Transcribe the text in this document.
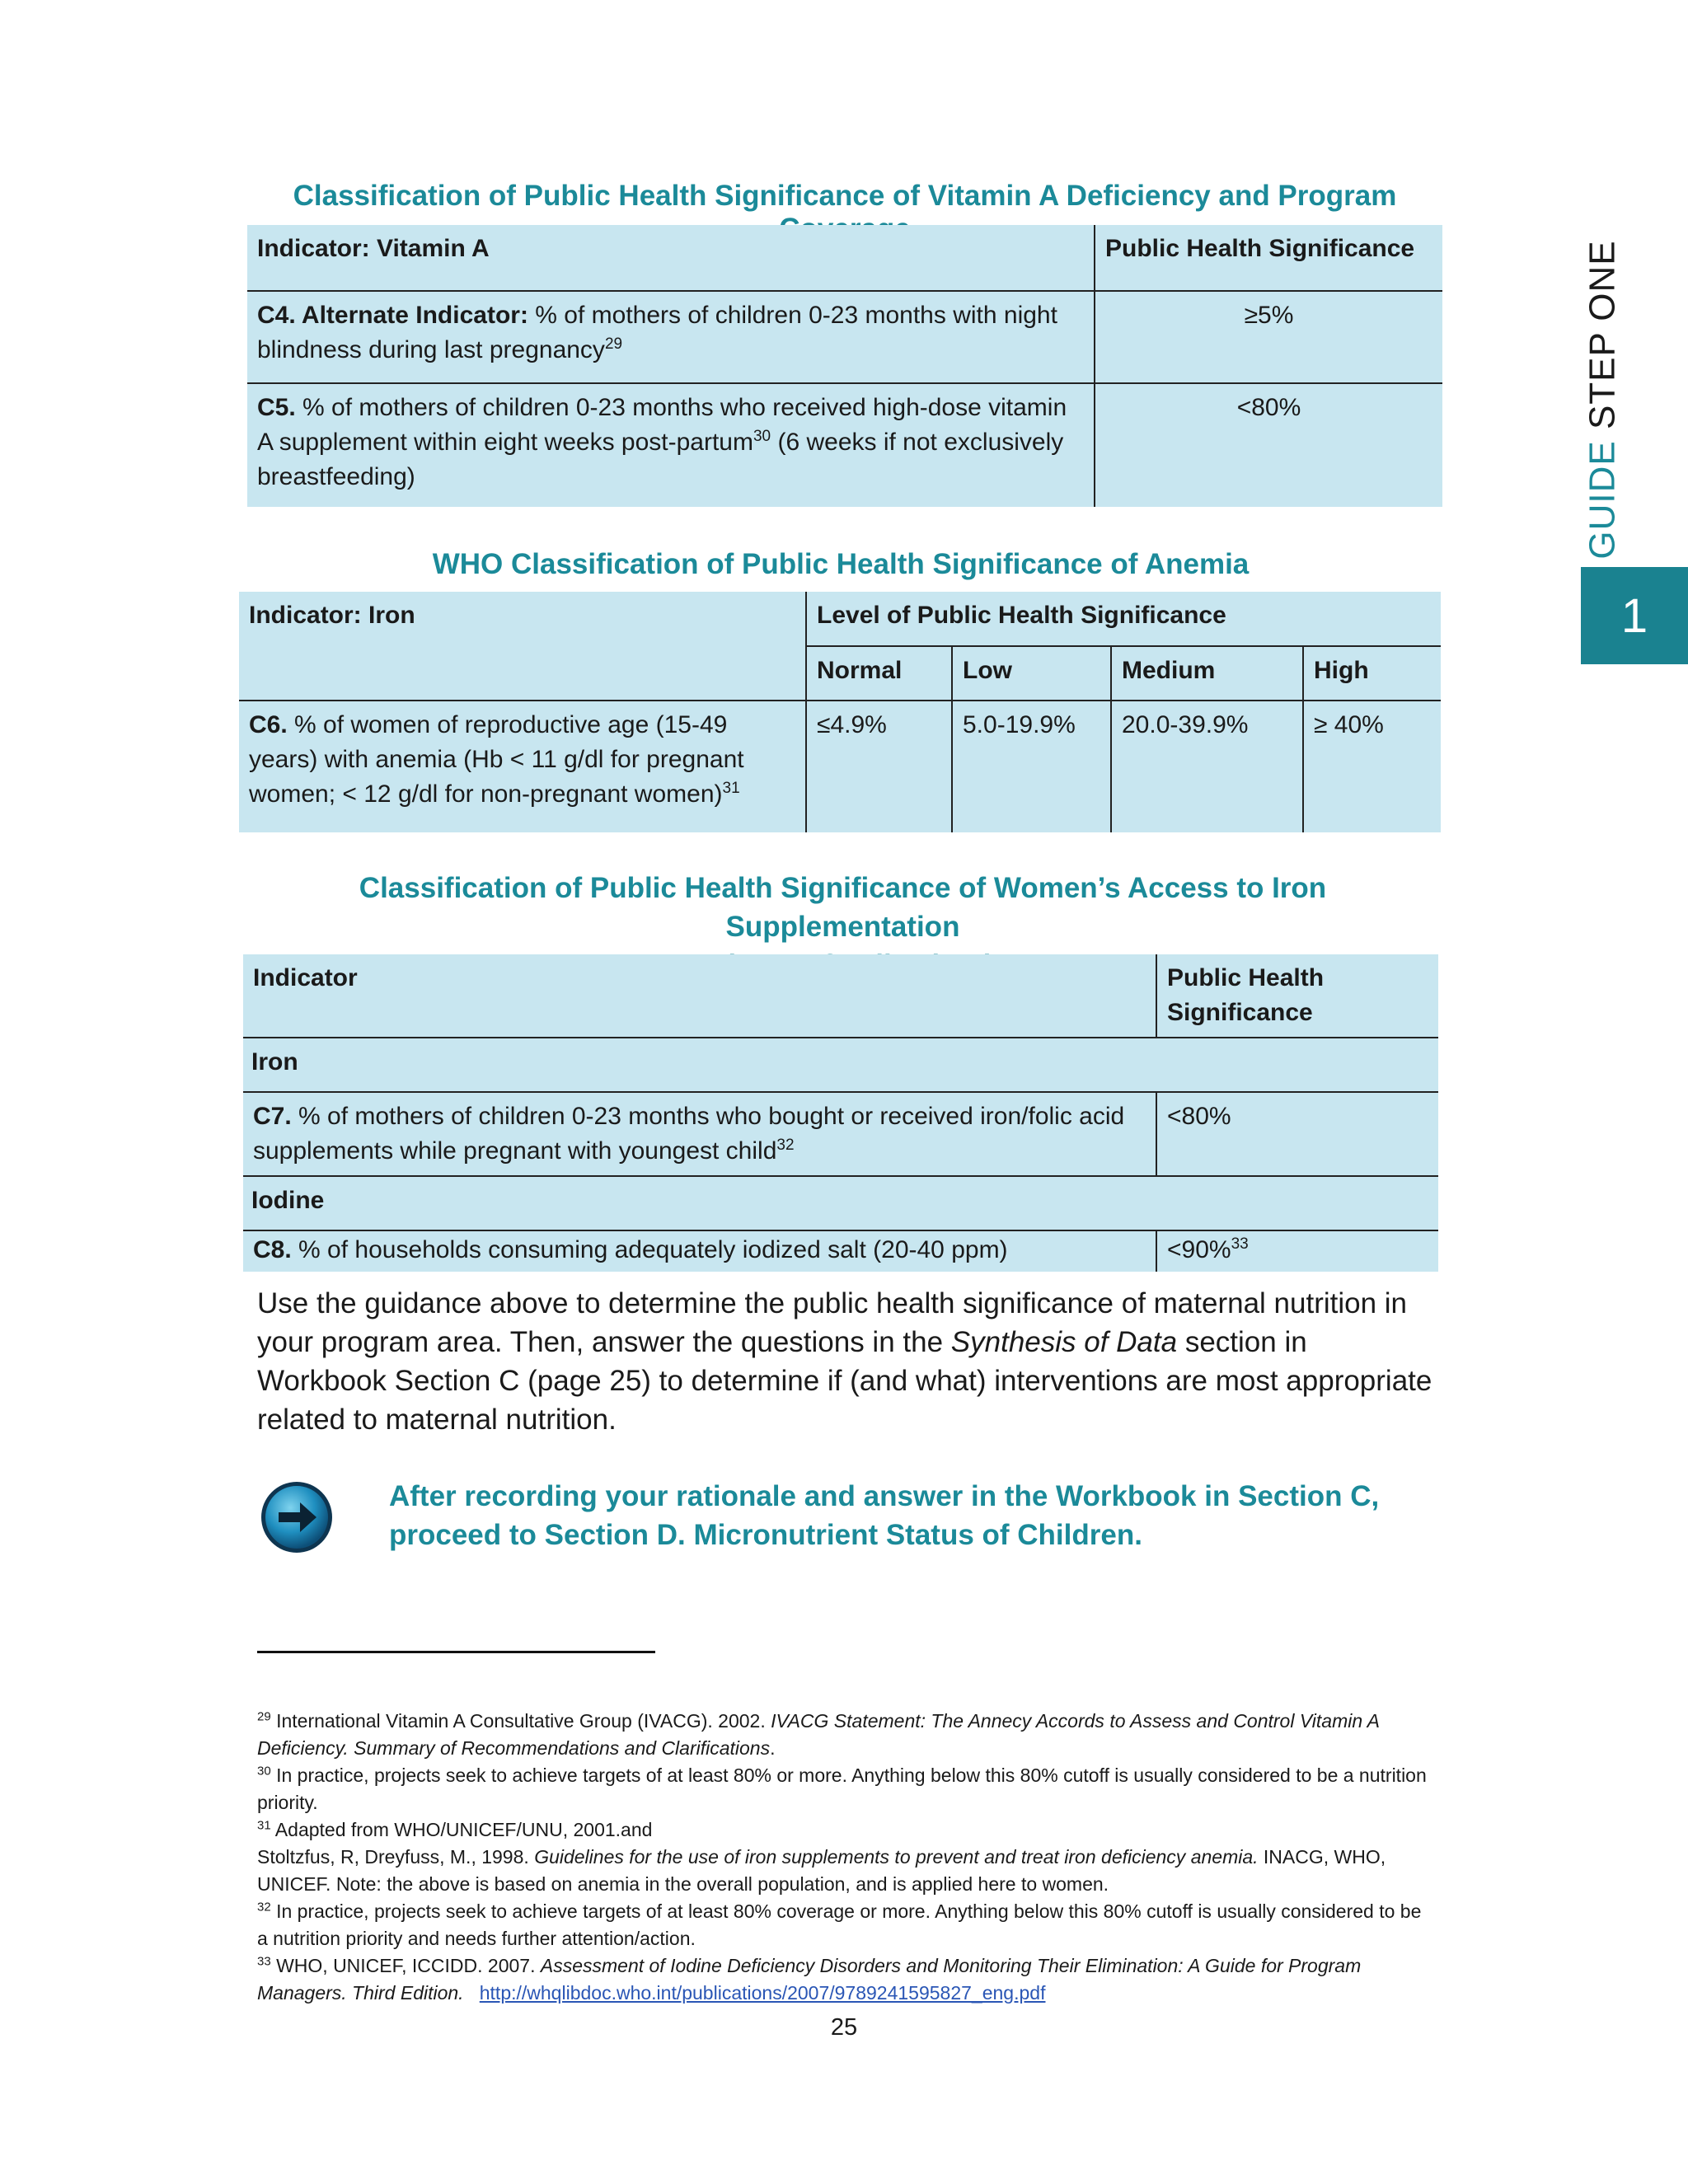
GUIDE STEP ONE
1
Classification of Public Health Significance of Vitamin A Deficiency and Program
Indicator: Vitamin A	Public Health Significance
C4. Alternate Indicator: % of mothers of children 0-23 months with night blindness during last pregnancy$^{29}$	≥5%
C5. % of mothers of children 0-23 months who received high-dose vitamin A supplement within eight weeks post-partum$^{30}$ (6 weeks if not exclusively breastfeeding)	<80%
WHO Classification of Public Health Significance of Anemia
Indicator: Iron	Level of Public Health Significance			
	Normal	Low	Medium	High
C6. % of women of reproductive age (15-49 years) with anemia (Hb < 11 g/dl for pregnant women; < 12 g/dl for non-pregnant women)$^{31}$	≤4.9%	5.0-19.9%	20.0-39.9%	≥ 40%
Classification of Public Health Significance of Women’s Access to Iron Supplementation
Indicator	Public Health Significance
Iron	
C7. % of mothers of children 0-23 months who bought or received iron/folic acid supplements while pregnant with youngest child$^{32}$	<80%
Iodine	
C8. % of households consuming adequately iodized salt (20-40 ppm)	<90%$^{33}$
Use the guidance above to determine the public health significance of maternal nutrition in your program area. Then, answer the questions in the Synthesis of Data section in Workbook Section C (page 25) to determine if (and what) interventions are most appropriate related to maternal nutrition.
After recording your rationale and answer in the Workbook in Section C, proceed to Section D. Micronutrient Status of Children.
$^{29}$ International Vitamin A Consultative Group (IVACG). 2002. IVACG Statement: The Annecy Accords to Assess and Control Vitamin A Deficiency. Summary of Recommendations and Clarifications.
$^{30}$ In practice, projects seek to achieve targets of at least 80% or more. Anything below this 80% cutoff is usually considered to be a nutrition priority.
$^{31}$ Adapted from WHO/UNICEF/UNU, 2001.and
Stoltzfus, R, Dreyfuss, M., 1998. Guidelines for the use of iron supplements to prevent and treat iron deficiency anemia. INACG, WHO, UNICEF. Note: the above is based on anemia in the overall population, and is applied here to women.
$^{32}$ In practice, projects seek to achieve targets of at least 80% coverage or more. Anything below this 80% cutoff is usually considered to be a nutrition priority and needs further attention/action.
$^{33}$ WHO, UNICEF, ICCIDD. 2007. Assessment of Iodine Deficiency Disorders and Monitoring Their Elimination: A Guide for Program Managers. Third Edition. http://whqlibdoc.who.int/publications/2007/9789241595827_eng.pdf
25
